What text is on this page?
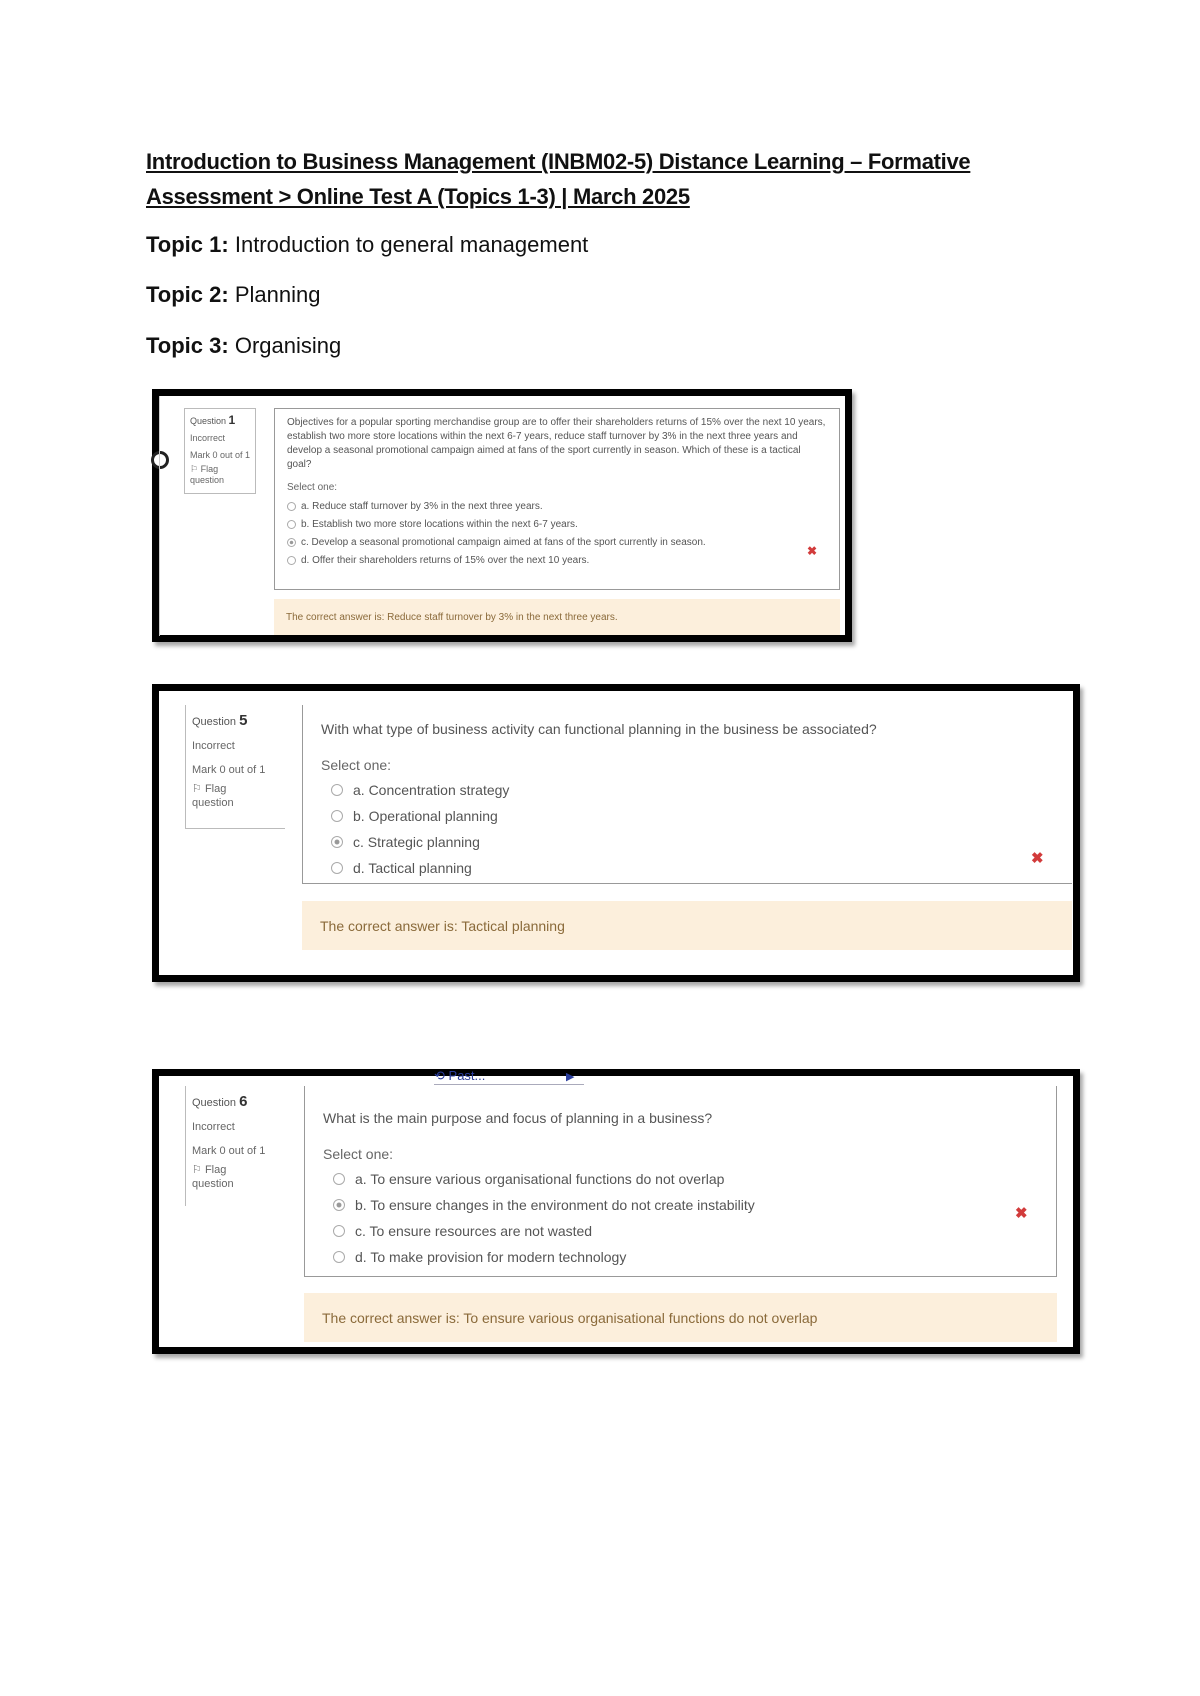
Introduction to Business Management (INBM02-5) Distance Learning – Formative Assessment > Online Test A (Topics 1-3) | March 2025

Topic 1: Introduction to general management

Topic 2: Planning

Topic 3: Organising

Question 1
Incorrect
Mark 0 out of 1
⚐ Flag question
Objectives for a popular sporting merchandise group are to offer their shareholders returns of 15% over the next 10 years, establish two more store locations within the next 6-7 years, reduce staff turnover by 3% in the next three years and develop a seasonal promotional campaign aimed at fans of the sport currently in season. Which of these is a tactical goal?
Select one:
a. Reduce staff turnover by 3% in the next three years.
b. Establish two more store locations within the next 6-7 years.
c. Develop a seasonal promotional campaign aimed at fans of the sport currently in season.
d. Offer their shareholders returns of 15% over the next 10 years.
✖
The correct answer is: Reduce staff turnover by 3% in the next three years.
Question 5
Incorrect
Mark 0 out of 1
⚐ Flag question
With what type of business activity can functional planning in the business be associated?
Select one:
a. Concentration strategy
b. Operational planning
c. Strategic planning
d. Tactical planning
✖
The correct answer is: Tactical planning
Question 6
Incorrect
Mark 0 out of 1
⚐ Flag question
What is the main purpose and focus of planning in a business?
Select one:
a. To ensure various organisational functions do not overlap
b. To ensure changes in the environment do not create instability
c. To ensure resources are not wasted
d. To make provision for modern technology
✖
The correct answer is: To ensure various organisational functions do not overlap
⟲ Past...	▶
